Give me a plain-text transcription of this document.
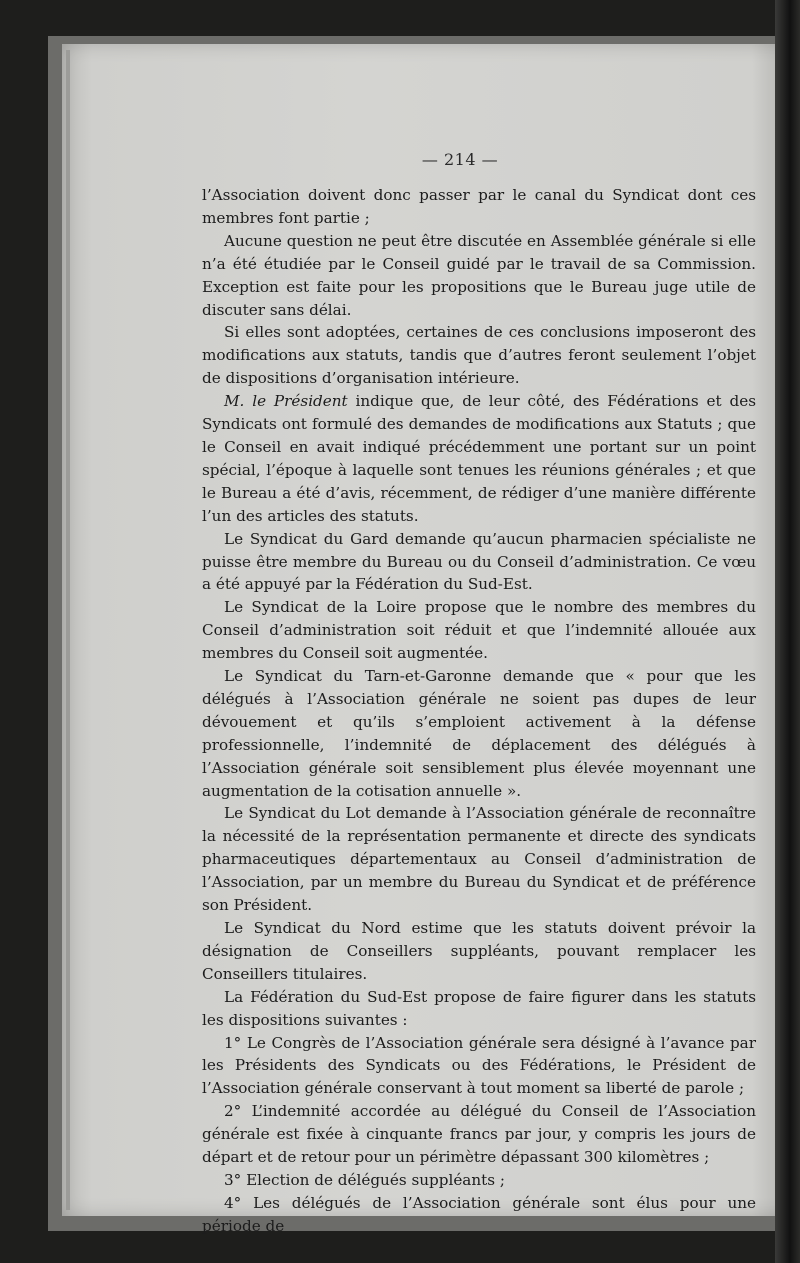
— 214 —

l’Association doivent donc passer par le canal du Syndicat dont ces membres font partie ;

Aucune question ne peut être discutée en Assemblée générale si elle n’a été étudiée par le Conseil guidé par le travail de sa Commission. Exception est faite pour les propositions que le Bureau juge utile de discuter sans délai.

Si elles sont adoptées, certaines de ces conclusions imposeront des modifications aux statuts, tandis que d’autres feront seulement l’objet de dispositions d’organisation intérieure.

M. le Président indique que, de leur côté, des Fédérations et des Syndicats ont formulé des demandes de modifications aux Statuts ; que le Conseil en avait indiqué précédemment une portant sur un point spécial, l’époque à laquelle sont tenues les réunions générales ; et que le Bureau a été d’avis, récemment, de rédiger d’une manière différente l’un des articles des statuts.

Le Syndicat du Gard demande qu’aucun pharmacien spécialiste ne puisse être membre du Bureau ou du Conseil d’administration. Ce vœu a été appuyé par la Fédération du Sud-Est.

Le Syndicat de la Loire propose que le nombre des membres du Conseil d’administration soit réduit et que l’indemnité allouée aux membres du Conseil soit augmentée.

Le Syndicat du Tarn-et-Garonne demande que « pour que les délégués à l’Association générale ne soient pas dupes de leur dévouement et qu’ils s’emploient activement à la défense professionnelle, l’indemnité de déplacement des délégués à l’Association générale soit sensiblement plus élevée moyennant une augmentation de la cotisation annuelle ».

Le Syndicat du Lot demande à l’Association générale de reconnaître la nécessité de la représentation permanente et directe des syndicats pharmaceutiques départementaux au Conseil d’administration de l’Association, par un membre du Bureau du Syndicat et de préférence son Président.

Le Syndicat du Nord estime que les statuts doivent prévoir la désignation de Conseillers suppléants, pouvant remplacer les Conseillers titulaires.

La Fédération du Sud-Est propose de faire figurer dans les statuts les dispositions suivantes :

1° Le Congrès de l’Association générale sera désigné à l’avance par les Présidents des Syndicats ou des Fédérations, le Président de l’Association générale conservant à tout moment sa liberté de parole ;

2° L’indemnité accordée au délégué du Conseil de l’Association générale est fixée à cinquante francs par jour, y compris les jours de départ et de retour pour un périmètre dépassant 300 kilomètres ;

3° Election de délégués suppléants ;

4° Les délégués de l’Association générale sont élus pour une période de
